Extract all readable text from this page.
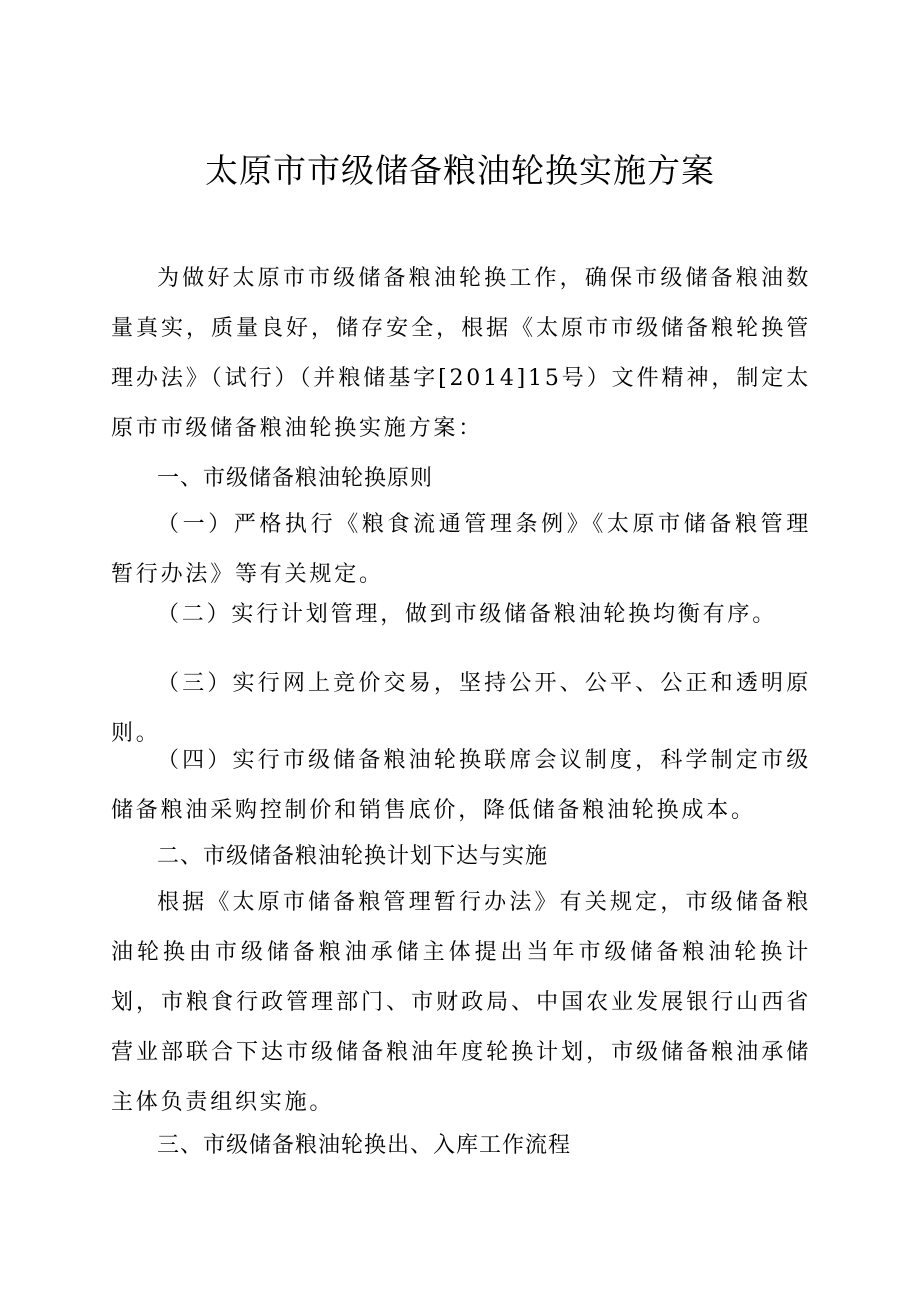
太原市市级储备粮油轮换实施方案

为做好太原市市级储备粮油轮换工作，确保市级储备粮油数量真实，质量良好，储存安全，根据《太原市市级储备粮轮换管理办法》（试行）（并粮储基字[2014]15号）文件精神，制定太原市市级储备粮油轮换实施方案：

一、市级储备粮油轮换原则

（一）严格执行《粮食流通管理条例》《太原市储备粮管理暂行办法》等有关规定。

（二）实行计划管理，做到市级储备粮油轮换均衡有序。

（三）实行网上竞价交易，坚持公开、公平、公正和透明原则。

（四）实行市级储备粮油轮换联席会议制度，科学制定市级储备粮油采购控制价和销售底价，降低储备粮油轮换成本。

二、市级储备粮油轮换计划下达与实施

根据《太原市储备粮管理暂行办法》有关规定，市级储备粮油轮换由市级储备粮油承储主体提出当年市级储备粮油轮换计划，市粮食行政管理部门、市财政局、中国农业发展银行山西省营业部联合下达市级储备粮油年度轮换计划，市级储备粮油承储主体负责组织实施。

三、市级储备粮油轮换出、入库工作流程
